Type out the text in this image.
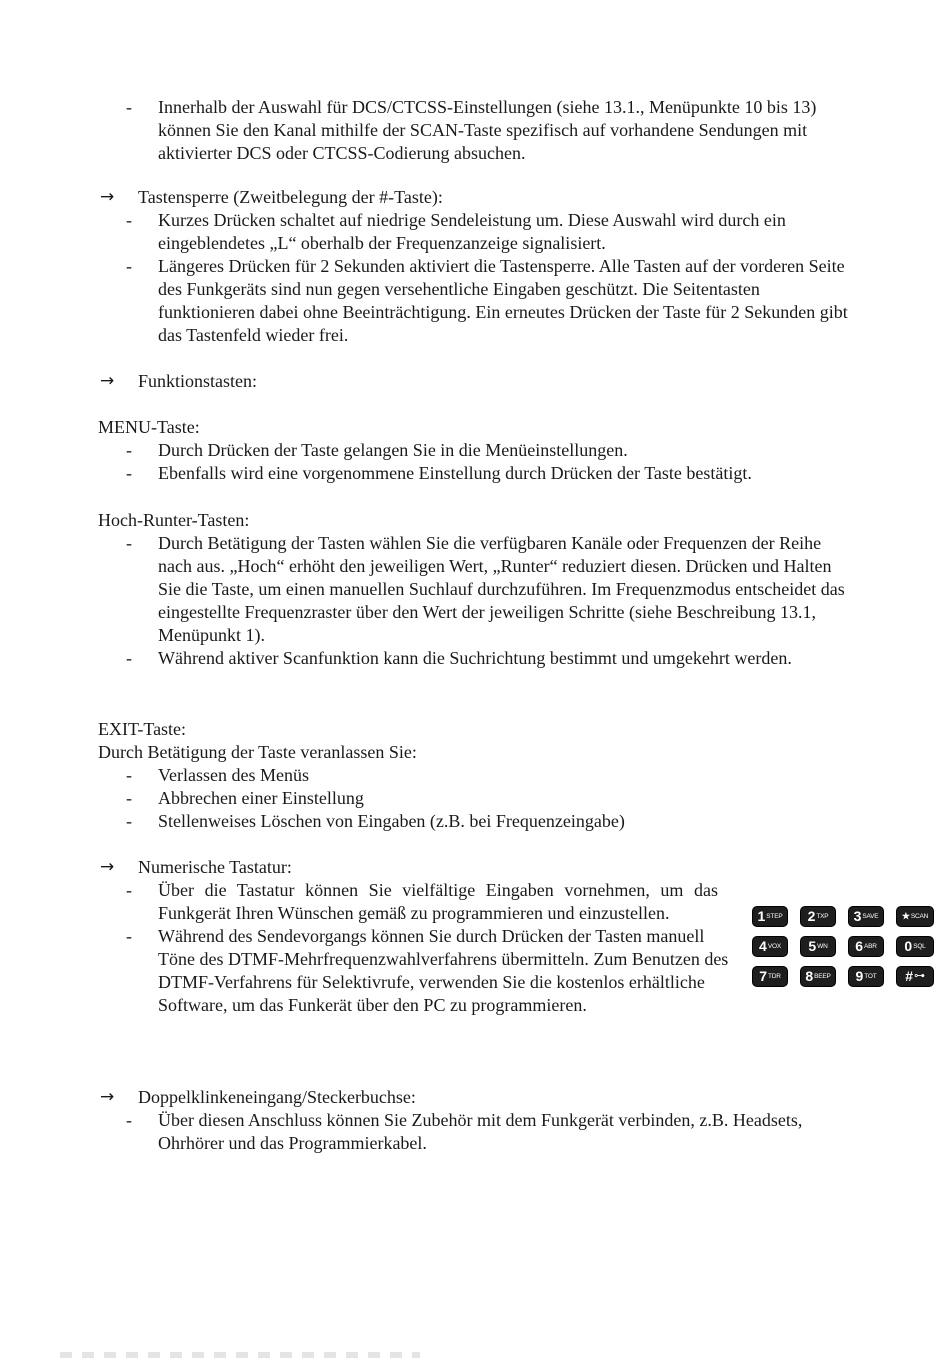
- Innerhalb der Auswahl für DCS/CTCSS-Einstellungen (siehe 13.1., Menüpunkte 10 bis 13) können Sie den Kanal mithilfe der SCAN-Taste spezifisch auf vorhandene Sendungen mit aktivierter DCS oder CTCSS-Codierung absuchen.
→ Tastensperre (Zweitbelegung der #-Taste):
- Kurzes Drücken schaltet auf niedrige Sendeleistung um. Diese Auswahl wird durch ein eingeblendetes „L“ oberhalb der Frequenzanzeige signalisiert.
- Längeres Drücken für 2 Sekunden aktiviert die Tastensperre. Alle Tasten auf der vorderen Seite des Funkgeräts sind nun gegen versehentliche Eingaben geschützt. Die Seitentasten funktionieren dabei ohne Beeinträchtigung. Ein erneutes Drücken der Taste für 2 Sekunden gibt das Tastenfeld wieder frei.
→ Funktionstasten:
MENU-Taste:
- Durch Drücken der Taste gelangen Sie in die Menüeinstellungen.
- Ebenfalls wird eine vorgenommene Einstellung durch Drücken der Taste bestätigt.
Hoch-Runter-Tasten:
- Durch Betätigung der Tasten wählen Sie die verfügbaren Kanäle oder Frequenzen der Reihe nach aus. „Hoch“ erhöht den jeweiligen Wert, „Runter“ reduziert diesen. Drücken und Halten Sie die Taste, um einen manuellen Suchlauf durchzuführen. Im Frequenzmodus entscheidet das eingestellte Frequenzraster über den Wert der jeweiligen Schritte (siehe Beschreibung 13.1, Menüpunkt 1).
- Während aktiver Scanfunktion kann die Suchrichtung bestimmt und umgekehrt werden.
EXIT-Taste:
Durch Betätigung der Taste veranlassen Sie:
- Verlassen des Menüs
- Abbrechen einer Einstellung
- Stellenweises Löschen von Eingaben (z.B. bei Frequenzeingabe)
→ Numerische Tastatur:
- Über die Tastatur können Sie vielfältige Eingaben vornehmen, um das Funkgerät Ihren Wünschen gemäß zu programmieren und einzustellen.
- Während des Sendevorgangs können Sie durch Drücken der Tasten manuell Töne des DTMF-Mehrfrequenzwahlverfahrens übermitteln. Zum Benutzen des DTMF-Verfahrens für Selektivrufe, verwenden Sie die kostenlos erhältliche Software, um das Funkerät über den PC zu programmieren.
1 STEP 2 TXP 3 SAVE	★ SCAN
4 VOX 5 WN 6 ABR 0 SQL
7 TDR 8 BEEP 9 TOT # ⊶
→ Doppelklinkeneingang/Steckerbuchse:
- Über diesen Anschluss können Sie Zubehör mit dem Funkgerät verbinden, z.B. Headsets, Ohrhörer und das Programmierkabel.
